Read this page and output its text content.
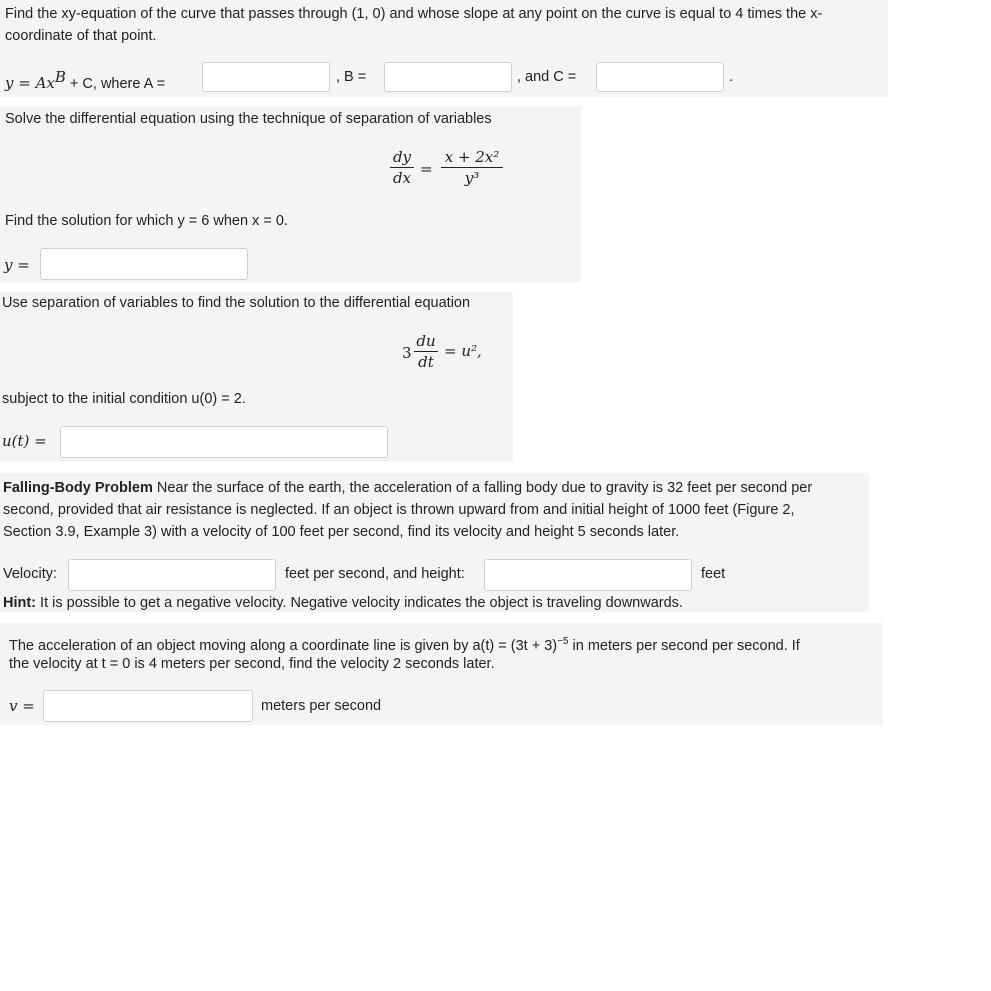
Find the xy-equation of the curve that passes through (1, 0) and whose slope at any point on the curve is equal to 4 times the x-
coordinate of that point.
$y = Ax^B + C$, where A =	, B =	, and C =	.
Solve the differential equation using the technique of separation of variables
dy
dx =
x + 2x²
y³
Find the solution for which y = 6 when x = 0.
y =
Use separation of variables to find the solution to the differential equation
3
du
dt
= u²,
subject to the initial condition u(0) = 2.
u(t) =
Falling-Body Problem Near the surface of the earth, the acceleration of a falling body due to gravity is 32 feet per second per
second, provided that air resistance is neglected. If an object is thrown upward from and initial height of 1000 feet (Figure 2,
Section 3.9, Example 3) with a velocity of 100 feet per second, find its velocity and height 5 seconds later.
Velocity:	feet per second, and height:	feet
Hint: It is possible to get a negative velocity. Negative velocity indicates the object is traveling downwards.
The acceleration of an object moving along a coordinate line is given by $a(t) = (3t + 3)^{-5}$ in meters per second per second. If
the velocity at t = 0 is 4 meters per second, find the velocity 2 seconds later.
v =	meters per second
